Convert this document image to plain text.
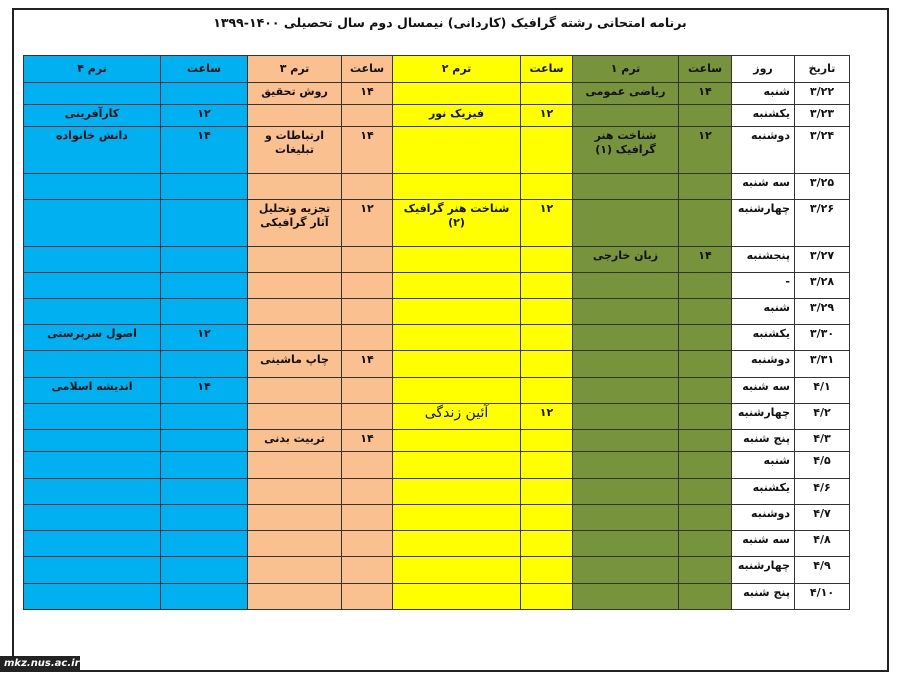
برنامه امتحانی رشته گرافیک (کاردانی) نیمسال دوم سال تحصیلی ۱۴۰۰-۱۳۹۹
ترم ۴	ساعت	ترم ۳	ساعت	ترم ۲	ساعت	ترم ۱	ساعت	روز	تاریخ
		روش تحقیق	۱۴			ریاضی عمومی	۱۴	شنبه	۳/۲۲
کارآفرینی	۱۲			فیزیک نور	۱۲			یکشنبه	۳/۲۳
دانش خانواده	۱۴	ارتباطات و تبلیغات	۱۴			شناخت هنر گرافیک (۱)	۱۲	دوشنبه	۳/۲۴
								سه شنبه	۳/۲۵
		تجزیه وتحلیل آثار گرافیکی	۱۲	شناخت هنر گرافیک (۲)	۱۲			چهارشنبه	۳/۲۶
						زبان خارجی	۱۴	پنجشنبه	۳/۲۷
								-	۳/۲۸
								شنبه	۳/۲۹
اصول سرپرستی	۱۲							یکشنبه	۳/۳۰
		چاپ ماشینی	۱۴					دوشنبه	۳/۳۱
اندیشه اسلامی	۱۴							سه شنبه	۴/۱
				آئین زندگی	۱۲			چهارشنبه	۴/۲
		تربیت بدنی	۱۴					پنج شنبه	۴/۳
								شنبه	۴/۵
								یکشنبه	۴/۶
								دوشنبه	۴/۷
								سه شنبه	۴/۸
								چهارشنبه	۴/۹
								پنج شنبه	۴/۱۰
mkz.nus.ac.ir
